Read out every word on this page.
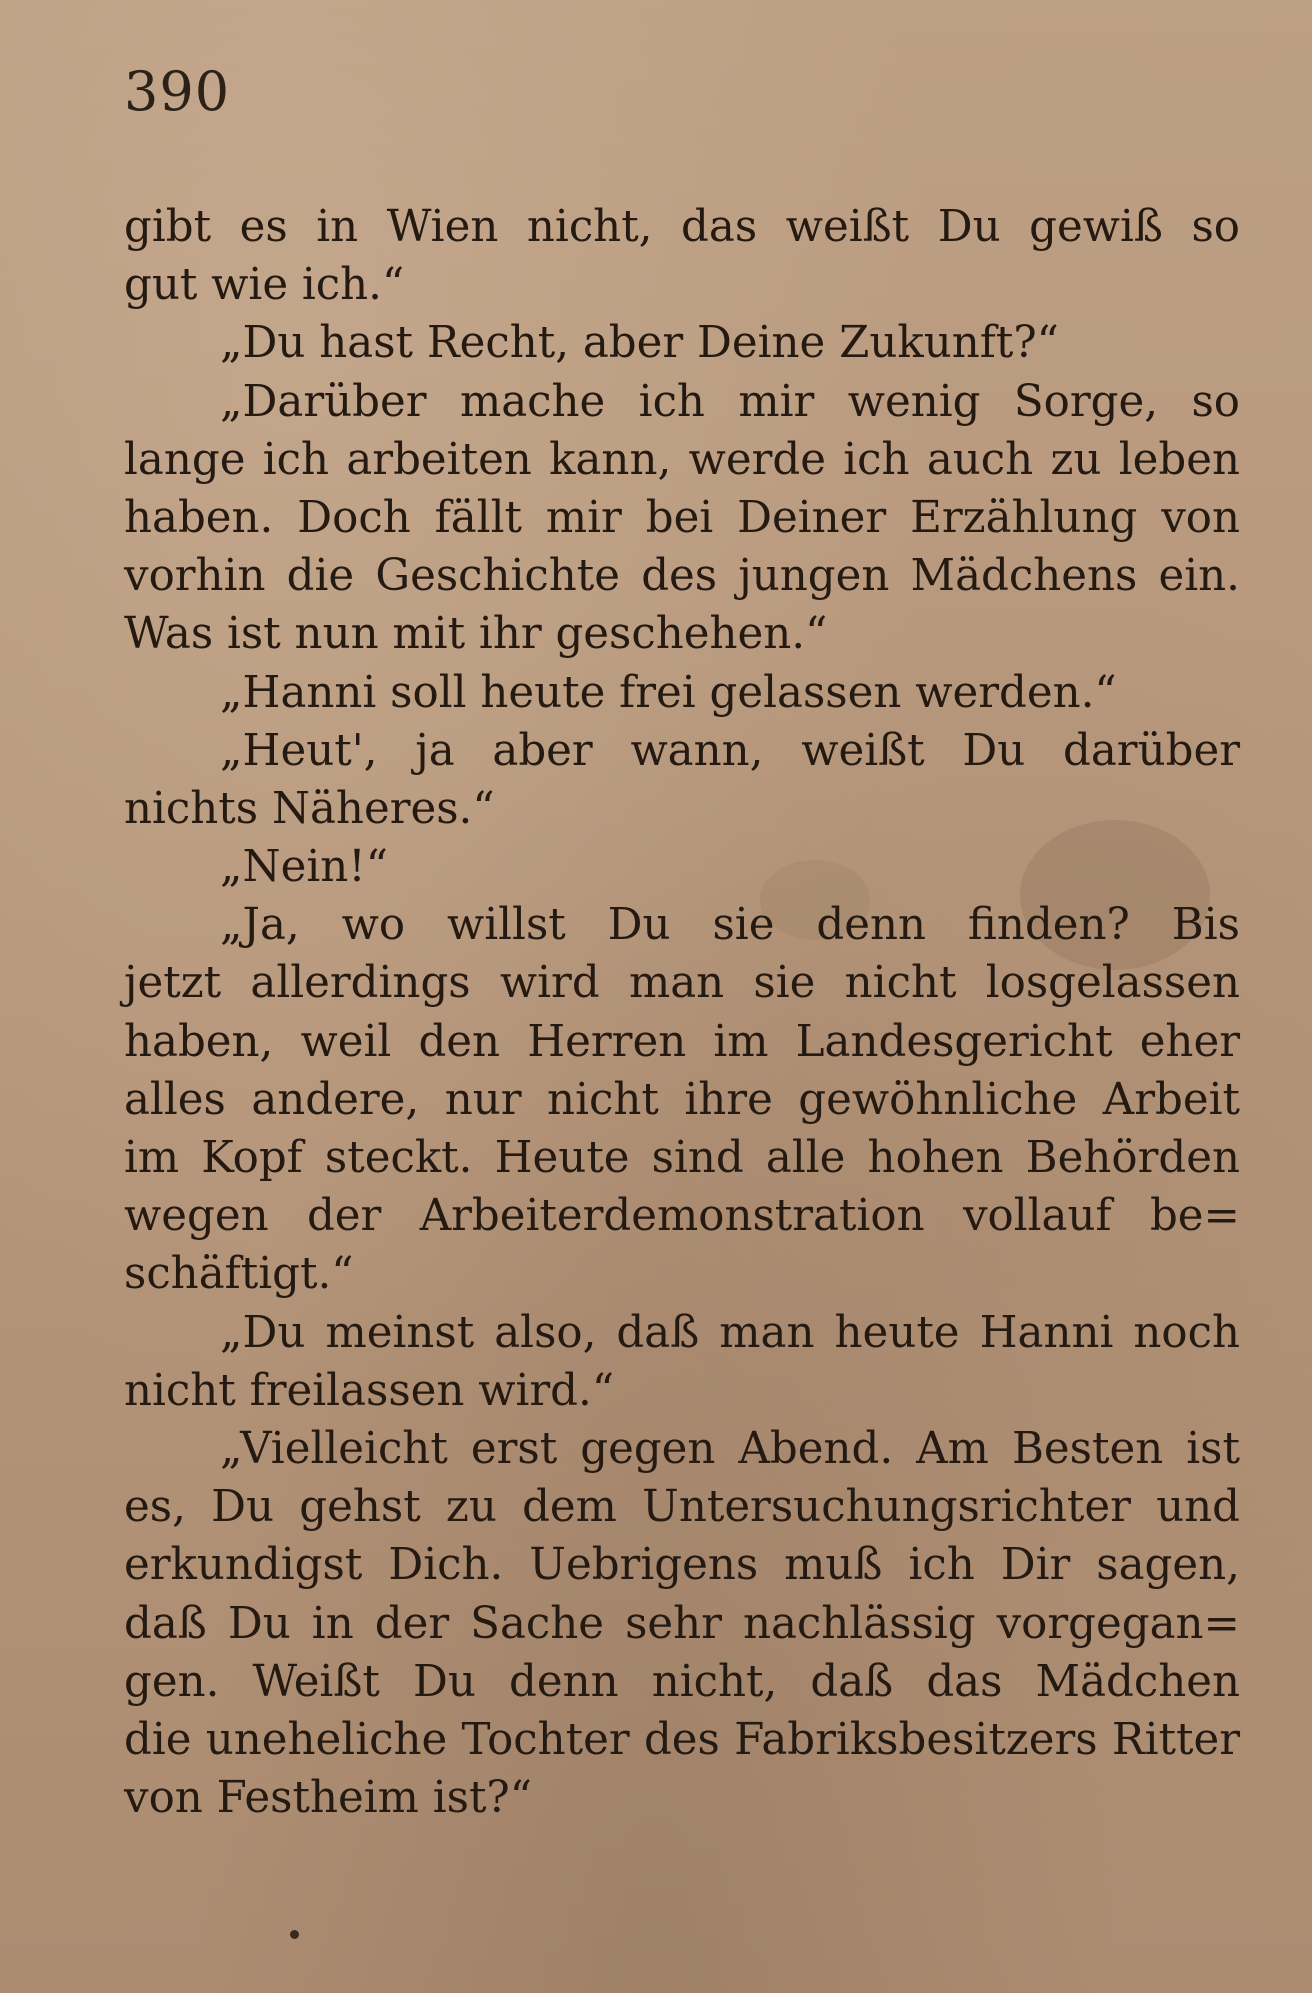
390
gibt es in Wien nicht, das weißt Du gewiß so
gut wie ich.“
„Du hast Recht, aber Deine Zukunft?“
„Darüber mache ich mir wenig Sorge, so
lange ich arbeiten kann, werde ich auch zu leben
haben. Doch fällt mir bei Deiner Erzählung von
vorhin die Geschichte des jungen Mädchens ein.
Was ist nun mit ihr geschehen.“
„Hanni soll heute frei gelassen werden.“
„Heut', ja aber wann, weißt Du darüber
nichts Näheres.“
„Nein!“
„Ja, wo willst Du sie denn finden? Bis
jetzt allerdings wird man sie nicht losgelassen
haben, weil den Herren im Landesgericht eher
alles andere, nur nicht ihre gewöhnliche Arbeit
im Kopf steckt. Heute sind alle hohen Behörden
wegen der Arbeiterdemonstration vollauf be=
schäftigt.“
„Du meinst also, daß man heute Hanni noch
nicht freilassen wird.“
„Vielleicht erst gegen Abend. Am Besten ist
es, Du gehst zu dem Untersuchungsrichter und
erkundigst Dich. Uebrigens muß ich Dir sagen,
daß Du in der Sache sehr nachlässig vorgegan=
gen. Weißt Du denn nicht, daß das Mädchen
die uneheliche Tochter des Fabriksbesitzers Ritter
von Festheim ist?“
